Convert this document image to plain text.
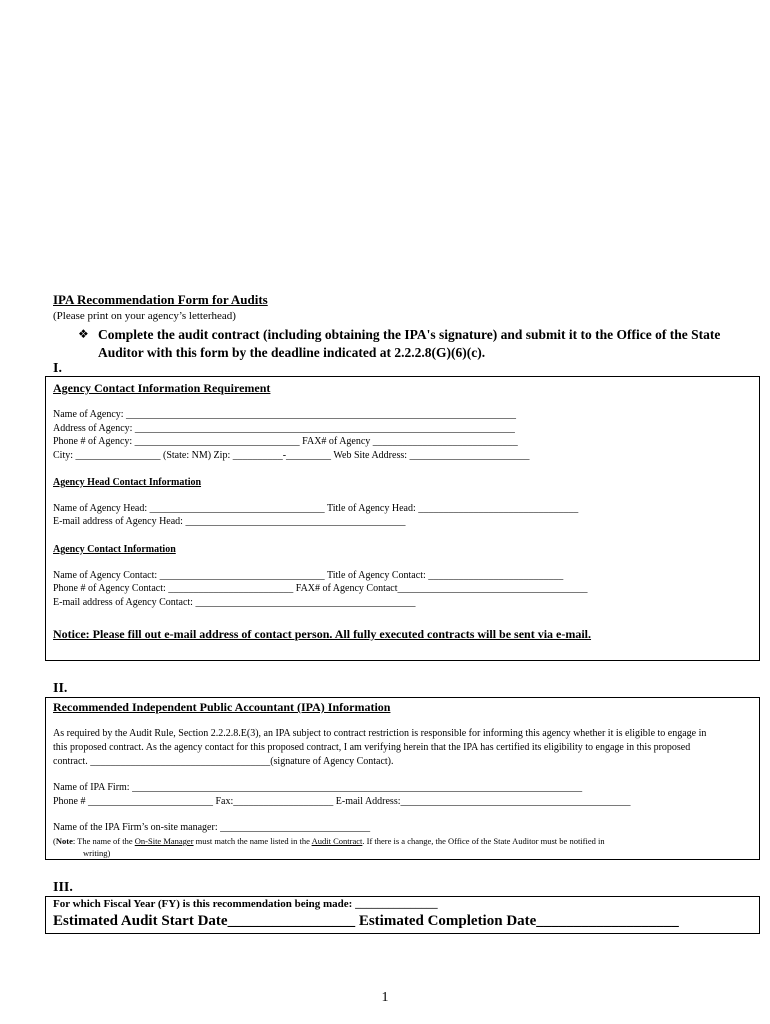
IPA Recommendation Form for Audits
(Please print on your agency’s letterhead)
❖ Complete the audit contract (including obtaining the IPA's signature) and submit it to the Office of the State Auditor with this form by the deadline indicated at 2.2.2.8(G)(6)(c).
I.
Agency Contact Information Requirement
Name of Agency: ______________________________________________________________________________
Address of Agency: ____________________________________________________________________________
Phone # of Agency: _________________________________ FAX# of Agency _____________________________
City: _________________ (State: NM) Zip: __________-_________ Web Site Address: ________________________
Agency Head Contact Information
Name of Agency Head: ___________________________________ Title of Agency Head: ________________________________
E-mail address of Agency Head: ____________________________________________
Agency Contact Information
Name of Agency Contact: _________________________________ Title of Agency Contact: ___________________________
Phone # of Agency Contact: _________________________ FAX# of Agency Contact______________________________________
E-mail address of Agency Contact: ____________________________________________
Notice: Please fill out e-mail address of contact person. All fully executed contracts will be sent via e-mail.
II.
Recommended Independent Public Accountant (IPA) Information
As required by the Audit Rule, Section 2.2.2.8.E(3), an IPA subject to contract restriction is responsible for informing this agency whether it is eligible to engage in this proposed contract. As the agency contact for this proposed contract, I am verifying herein that the IPA has certified its eligibility to engage in this proposed contract. ____________________________________(signature of Agency Contact).
Name of IPA Firm: __________________________________________________________________________________________
Phone # _________________________ Fax:____________________ E-mail Address:______________________________________________
Name of the IPA Firm’s on-site manager: ______________________________
(Note: The name of the On-Site Manager must match the name listed in the Audit Contract. If there is a change, the Office of the State Auditor must be notified in
writing)
III.
For which Fiscal Year (FY) is this recommendation being made: _______________
Estimated Audit Start Date_________________ Estimated Completion Date___________________
1
